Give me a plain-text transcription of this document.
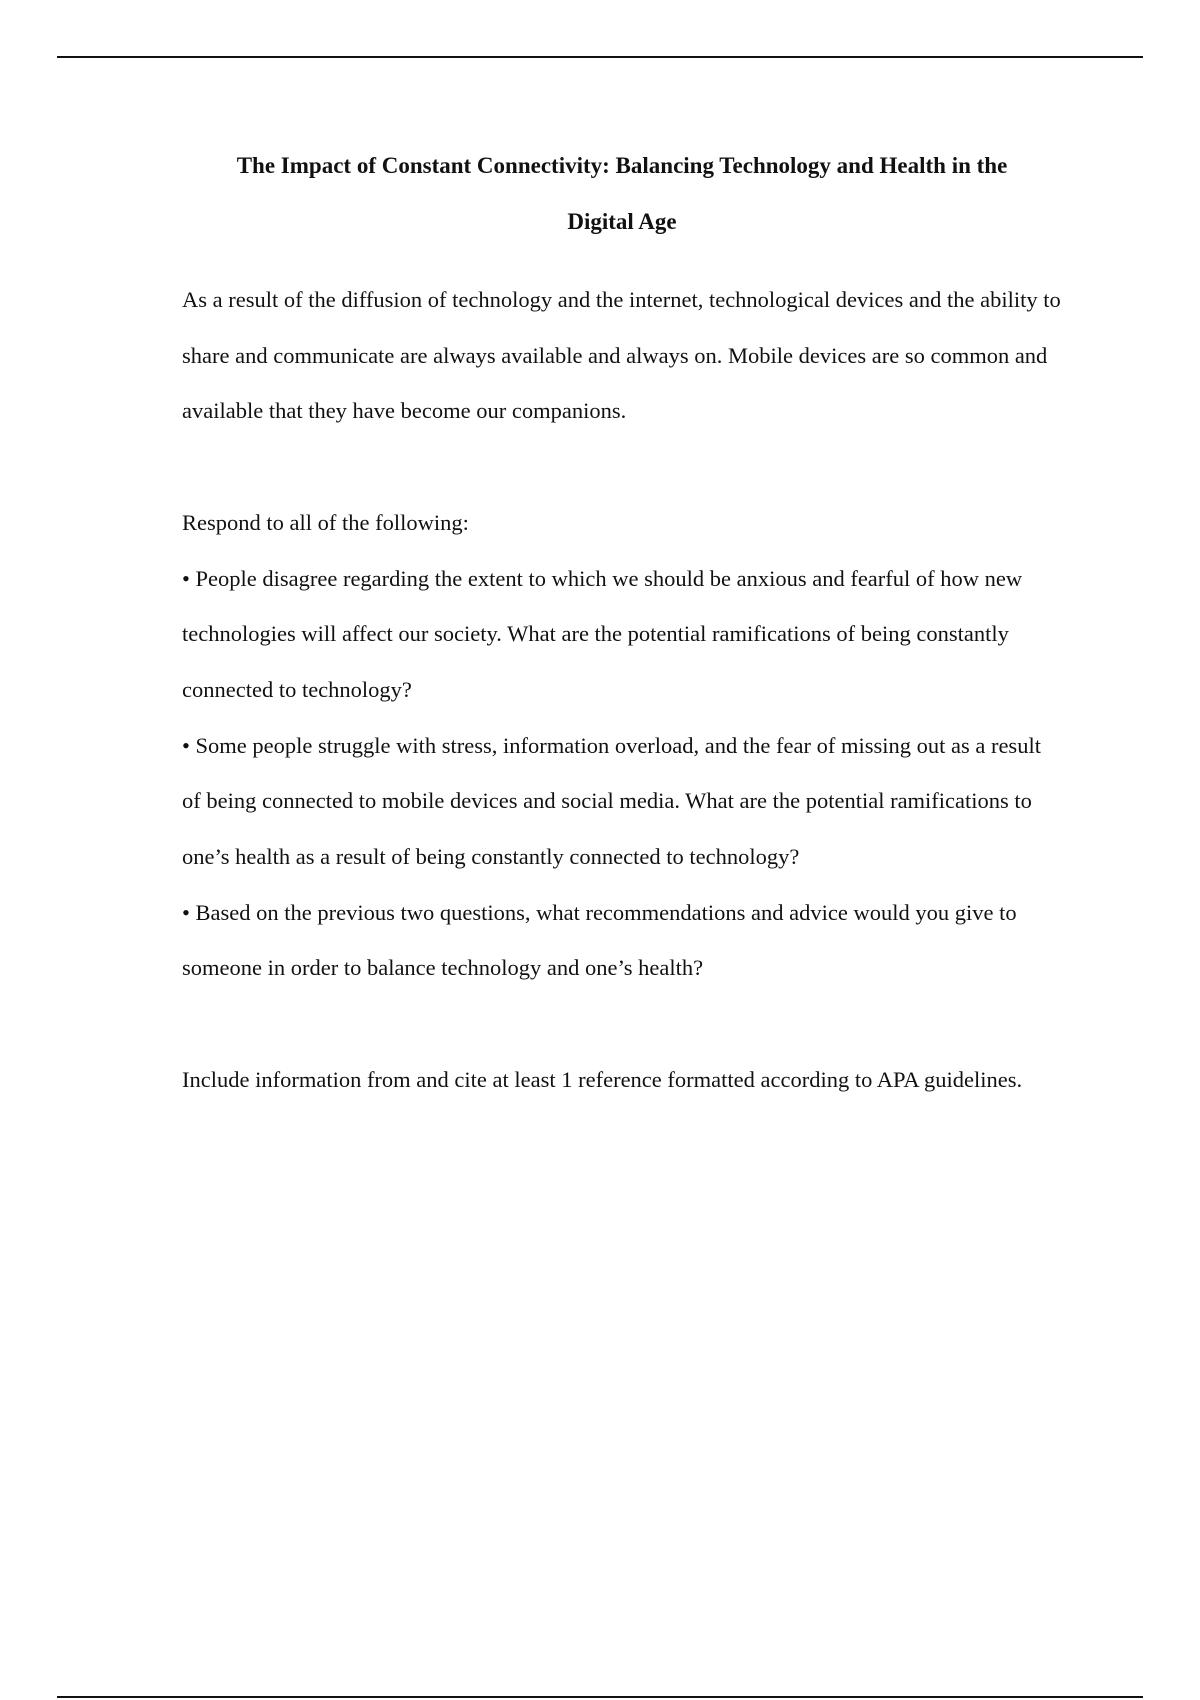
The Impact of Constant Connectivity: Balancing Technology and Health in the

Digital Age

As a result of the diffusion of technology and the internet, technological devices and the ability to share and communicate are always available and always on. Mobile devices are so common and available that they have become our companions.

Respond to all of the following:

• People disagree regarding the extent to which we should be anxious and fearful of how new technologies will affect our society. What are the potential ramifications of being constantly connected to technology?

• Some people struggle with stress, information overload, and the fear of missing out as a result of being connected to mobile devices and social media. What are the potential ramifications to one’s health as a result of being constantly connected to technology?

• Based on the previous two questions, what recommendations and advice would you give to someone in order to balance technology and one’s health?

Include information from and cite at least 1 reference formatted according to APA guidelines.
